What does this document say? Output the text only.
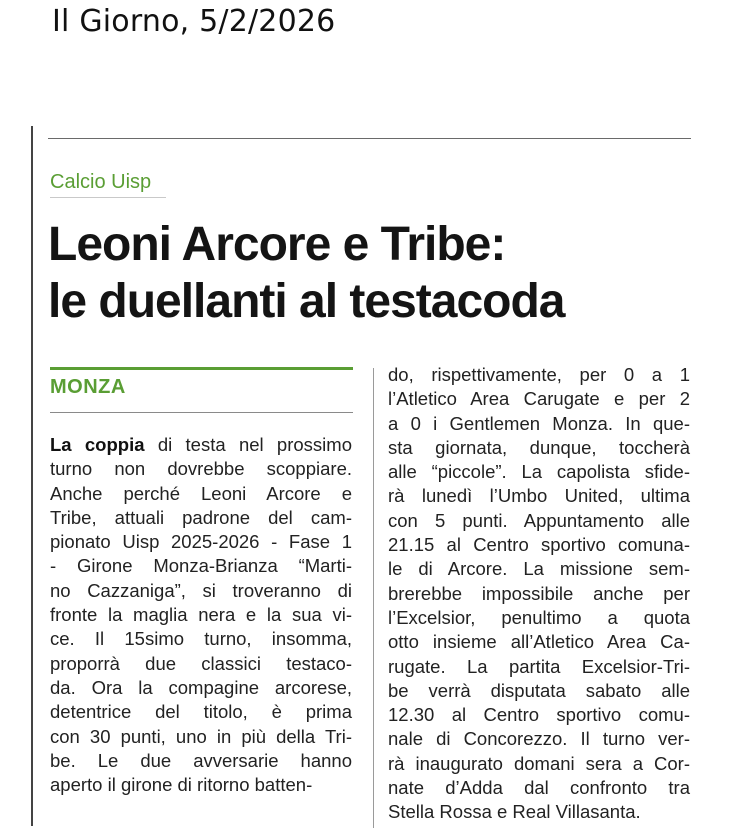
Il Giorno, 5/2/2026
Calcio Uisp
Leoni Arcore e Tribe:
le duellanti al testacoda
MONZA
La coppia di testa nel prossimo
turno non dovrebbe scoppiare.
Anche perché Leoni Arcore e
Tribe, attuali padrone del cam-
pionato Uisp 2025-2026 - Fase 1
- Girone Monza-Brianza “Marti-
no Cazzaniga”, si troveranno di
fronte la maglia nera e la sua vi-
ce. Il 15simo turno, insomma,
proporrà due classici testaco-
da. Ora la compagine arcorese,
detentrice del titolo, è prima
con 30 punti, uno in più della Tri-
be. Le due avversarie hanno
aperto il girone di ritorno batten-
do, rispettivamente, per 0 a 1
l’Atletico Area Carugate e per 2
a 0 i Gentlemen Monza. In que-
sta giornata, dunque, toccherà
alle “piccole”. La capolista sfide-
rà lunedì l’Umbo United, ultima
con 5 punti. Appuntamento alle
21.15 al Centro sportivo comuna-
le di Arcore. La missione sem-
brerebbe impossibile anche per
l’Excelsior, penultimo a quota
otto insieme all’Atletico Area Ca-
rugate. La partita Excelsior-Tri-
be verrà disputata sabato alle
12.30 al Centro sportivo comu-
nale di Concorezzo. Il turno ver-
rà inaugurato domani sera a Cor-
nate d’Adda dal confronto tra
Stella Rossa e Real Villasanta.
